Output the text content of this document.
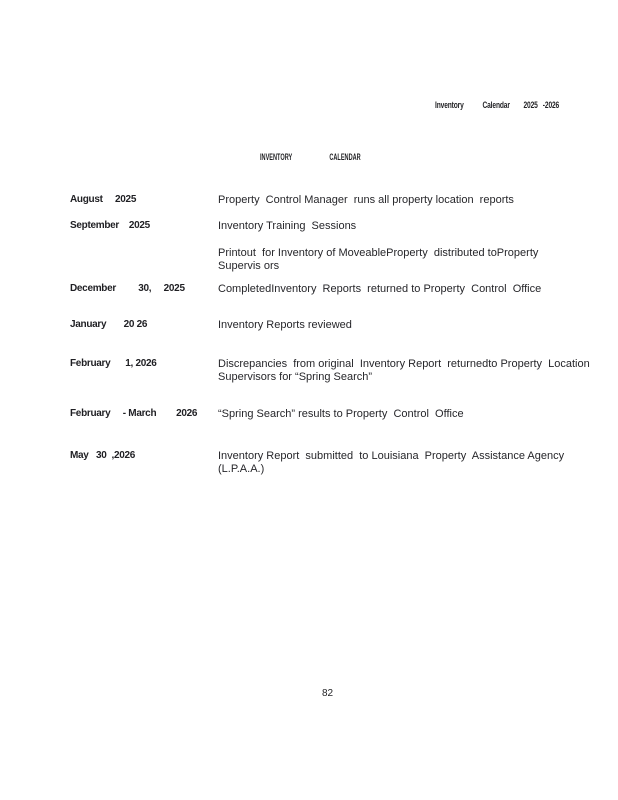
Inventory           Calendar        2025   -2026
INVENTORY                        CALENDAR
August     2025	Property  Control Manager  runs all property location  reports
September    2025	Inventory Training  Sessions
Printout  for Inventory of MoveableProperty  distributed toProperty
Supervis ors
December         30,     2025	CompletedInventory  Reports  returned to Property  Control  Office
January       20 26	Inventory Reports reviewed
February      1, 2026	Discrepancies  from original  Inventory Report  returnedto Property  Location
Supervisors for “Spring Search”
February     - March        2026	“Spring Search” results to Property  Control  Office
May   30  ,2026	Inventory Report  submitted  to Louisiana  Property  Assistance Agency
(L.P.A.A.)
82
